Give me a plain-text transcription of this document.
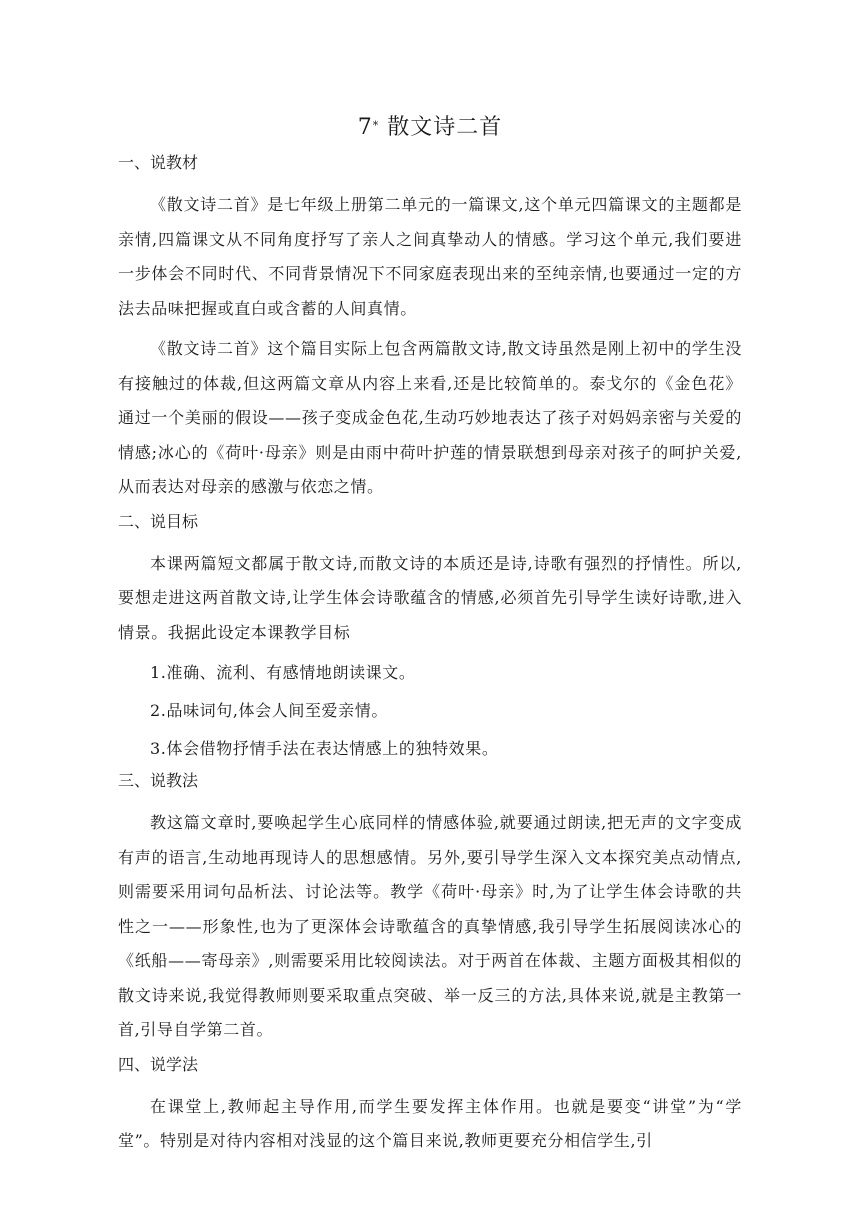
7* 散文诗二首
一、说教材

《散文诗二首》是七年级上册第二单元的一篇课文,这个单元四篇课文的主题都是亲情,四篇课文从不同角度抒写了亲人之间真挚动人的情感。学习这个单元,我们要进一步体会不同时代、不同背景情况下不同家庭表现出来的至纯亲情,也要通过一定的方法去品味把握或直白或含蓄的人间真情。

《散文诗二首》这个篇目实际上包含两篇散文诗,散文诗虽然是刚上初中的学生没有接触过的体裁,但这两篇文章从内容上来看,还是比较简单的。泰戈尔的《金色花》通过一个美丽的假设——孩子变成金色花,生动巧妙地表达了孩子对妈妈亲密与关爱的情感;冰心的《荷叶·母亲》则是由雨中荷叶护莲的情景联想到母亲对孩子的呵护关爱,从而表达对母亲的感激与依恋之情。

二、说目标

本课两篇短文都属于散文诗,而散文诗的本质还是诗,诗歌有强烈的抒情性。所以,要想走进这两首散文诗,让学生体会诗歌蕴含的情感,必须首先引导学生读好诗歌,进入情景。我据此设定本课教学目标

1.准确、流利、有感情地朗读课文。

2.品味词句,体会人间至爱亲情。

3.体会借物抒情手法在表达情感上的独特效果。

三、说教法

教这篇文章时,要唤起学生心底同样的情感体验,就要通过朗读,把无声的文字变成有声的语言,生动地再现诗人的思想感情。另外,要引导学生深入文本探究美点动情点,则需要采用词句品析法、讨论法等。教学《荷叶·母亲》时,为了让学生体会诗歌的共性之一——形象性,也为了更深体会诗歌蕴含的真挚情感,我引导学生拓展阅读冰心的《纸船——寄母亲》,则需要采用比较阅读法。对于两首在体裁、主题方面极其相似的散文诗来说,我觉得教师则要采取重点突破、举一反三的方法,具体来说,就是主教第一首,引导自学第二首。

四、说学法

在课堂上,教师起主导作用,而学生要发挥主体作用。也就是要变“讲堂”为“学堂”。特别是对待内容相对浅显的这个篇目来说,教师更要充分相信学生,引
